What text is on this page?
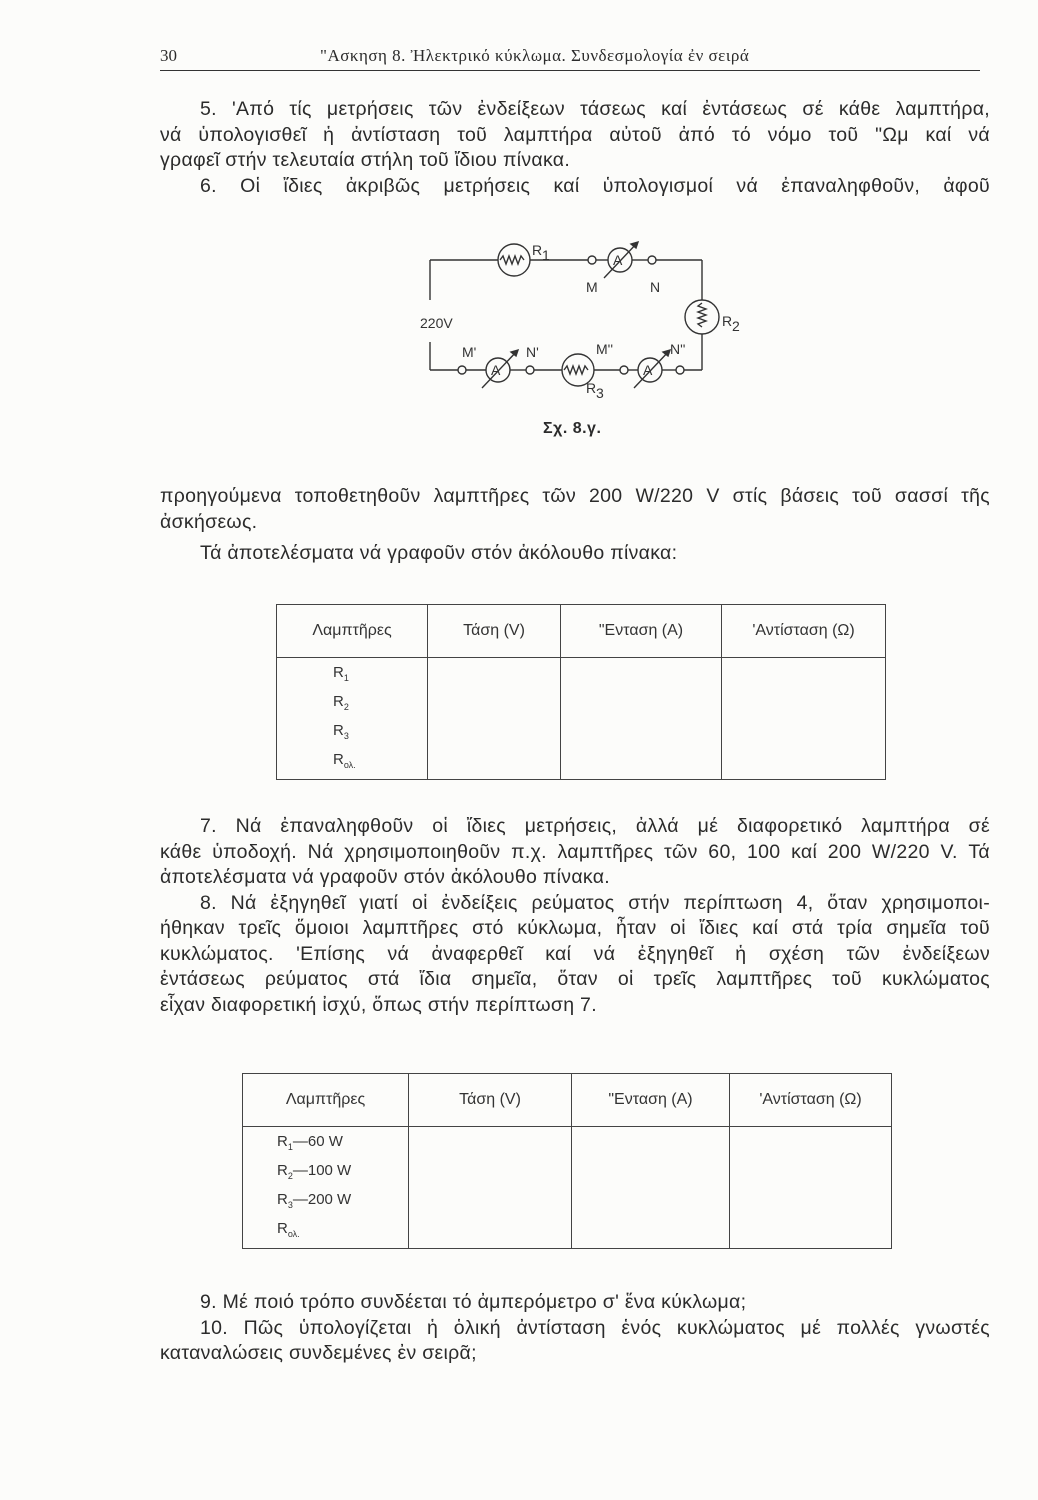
30	"Ασκηση 8. Ἠλεκτρικό κύκλωμα. Συνδεσμολογία ἐν σειρά
5. 'Από τίς μετρήσεις τῶν ἐνδείξεων τάσεως καί ἐντάσεως σέ κάθε λαμπτήρα,
νά ὑπολογισθεῖ ἡ ἀντίσταση τοῦ λαμπτήρα αὐτοῦ ἀπό τό νόμο τοῦ "Ωμ καί νά
γραφεῖ στήν τελευταία στήλη τοῦ ἴδιου πίνακα.
6. Οἱ ἴδιες ἀκριβῶς μετρήσεις καί ὑπολογισμοί νά ἐπαναληφθοῦν, ἀφοῦ
A
A	A
R 1
R 2
R 3
220V
M	N
M'	N'	M''	N''
Σχ. 8.γ.
προηγούμενα τοποθετηθοῦν λαμπτῆρες τῶν 200 W/220 V στίς βάσεις τοῦ σασσί τῆς
ἀσκήσεως.
Τά ἀποτελέσματα νά γραφοῦν στόν ἀκόλουθο πίνακα:
Λαμπτῆρες	Τάση (V)	"Ενταση (A)	'Αντίσταση (Ω)

$R_1$
$R_2$
$R_3$
$R_{o\lambda.}$

7. Νά ἐπαναληφθοῦν οἱ ἴδιες μετρήσεις, ἀλλά μέ διαφορετικό λαμπτήρα σέ
κάθε ὑποδοχή. Νά χρησιμοποιηθοῦν π.χ. λαμπτῆρες τῶν 60, 100 καί 200 W/220 V. Τά
ἀποτελέσματα νά γραφοῦν στόν ἀκόλουθο πίνακα.
8. Νά ἐξηγηθεῖ γιατί οἱ ἐνδείξεις ρεύματος στήν περίπτωση 4, ὅταν χρησιμοποι-
ήθηκαν τρεῖς ὅμοιοι λαμπτῆρες στό κύκλωμα, ἦταν οἱ ἴδιες καί στά τρία σημεῖα τοῦ
κυκλώματος. 'Επίσης νά ἀναφερθεῖ καί νά ἐξηγηθεῖ ἡ σχέση τῶν ἐνδείξεων
ἐντάσεως ρεύματος στά ἴδια σημεῖα, ὅταν οἱ τρεῖς λαμπτῆρες τοῦ κυκλώματος
εἶχαν διαφορετική ἰσχύ, ὅπως στήν περίπτωση 7.
Λαμπτῆρες	Τάση (V)	"Ενταση (A)	'Αντίσταση (Ω)

$R_1—60$ W
$R_2—100$ W
$R_3—200$ W
$R_{o\lambda.}$

9. Μέ ποιό τρόπο συνδέεται τό ἀμπερόμετρο σ' ἕνα κύκλωμα;
10. Πῶς ὑπολογίζεται ἡ ὁλική ἀντίσταση ἑνός κυκλώματος μέ πολλές γνωστές
καταναλώσεις συνδεμένες ἐν σειρᾶ;
